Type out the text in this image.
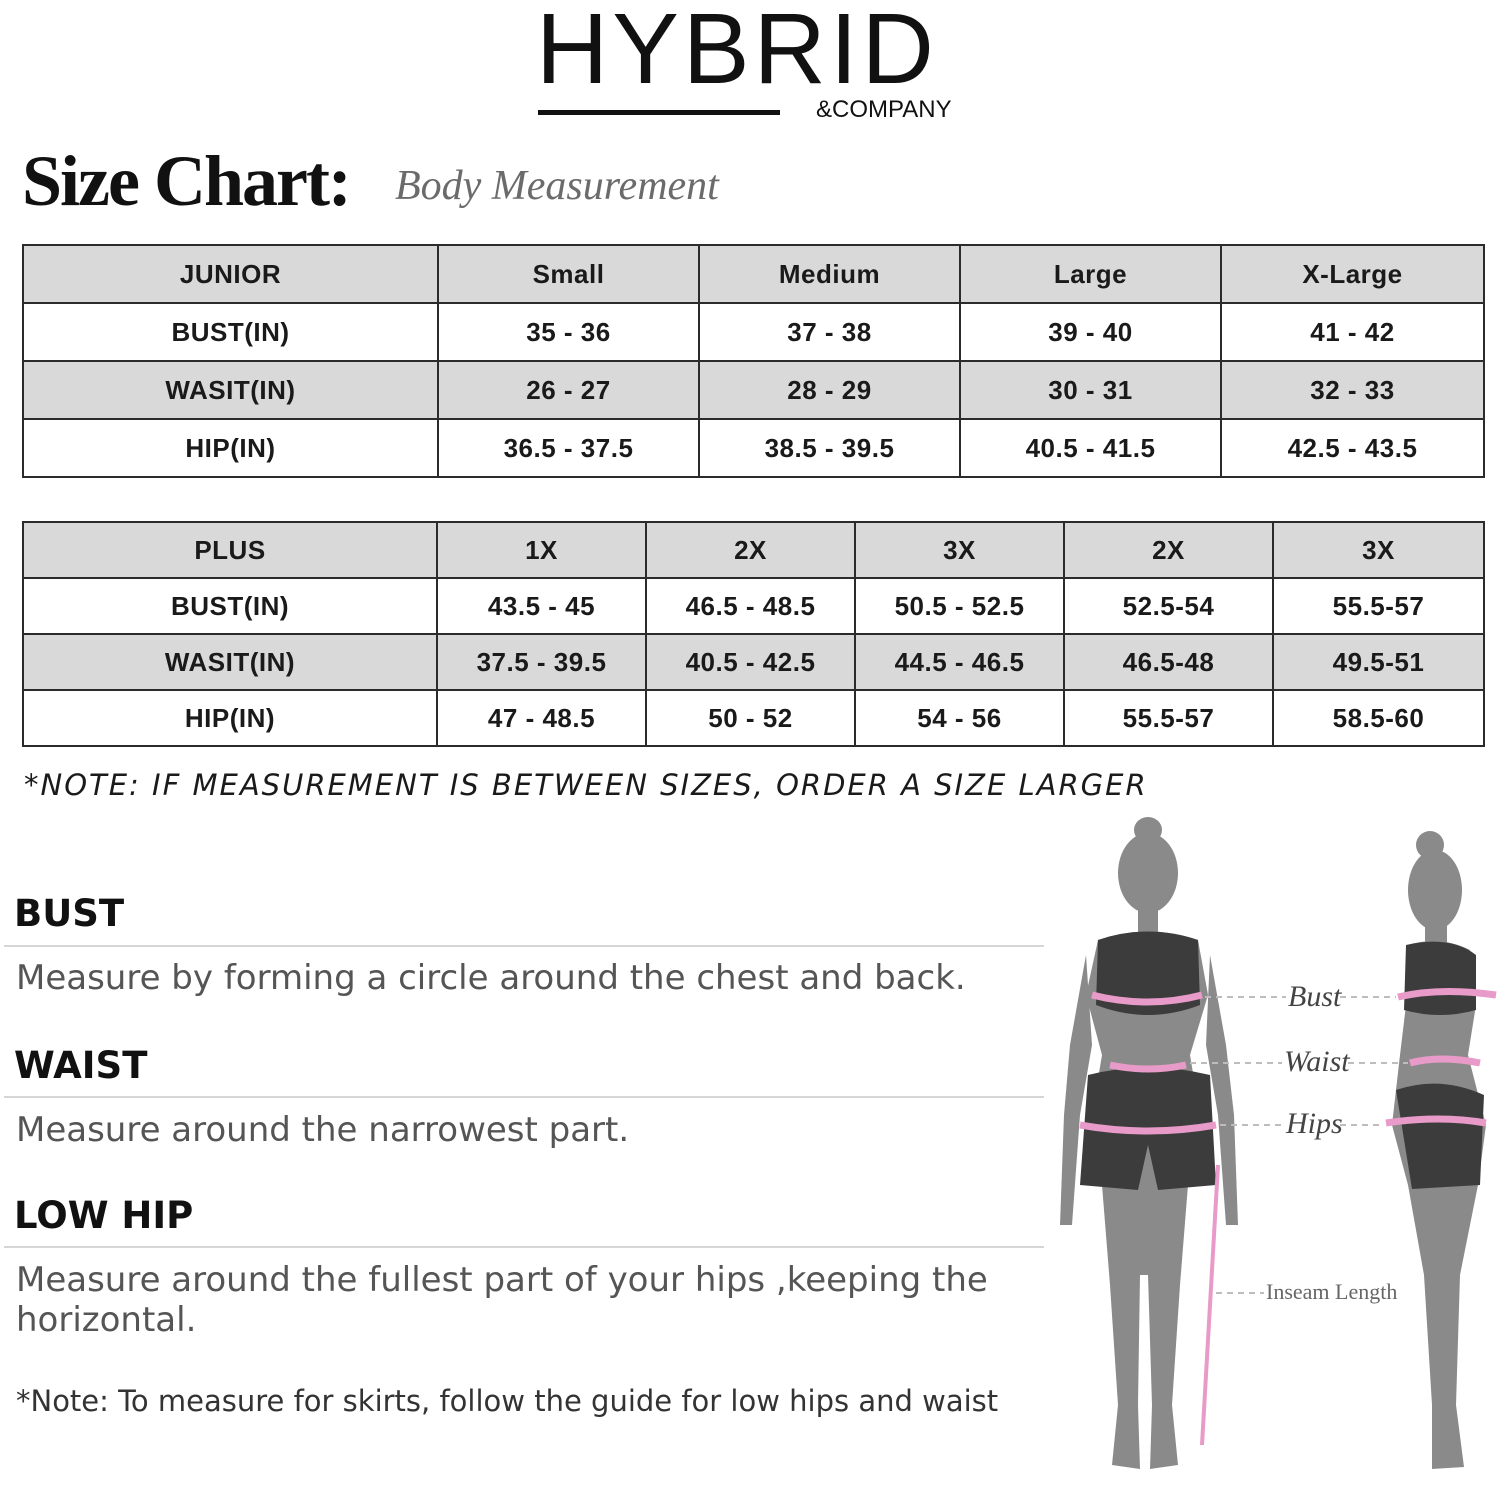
HYBRID
&COMPANY
Size Chart: Body Measurement
JUNIOR	Small	Medium	Large	X-Large
BUST(IN)	35 - 36	37 - 38	39 - 40	41 - 42
WASIT(IN)	26 - 27	28 - 29	30 - 31	32 - 33
HIP(IN)	36.5 - 37.5	38.5 - 39.5	40.5 - 41.5	42.5 - 43.5
PLUS	1X	2X	3X	2X	3X
BUST(IN)	43.5 - 45	46.5 - 48.5	50.5 - 52.5	52.5-54	55.5-57
WASIT(IN)	37.5 - 39.5	40.5 - 42.5	44.5 - 46.5	46.5-48	49.5-51
HIP(IN)	47 - 48.5	50 - 52	54 - 56	55.5-57	58.5-60
*NOTE: IF MEASUREMENT IS BETWEEN SIZES, ORDER A SIZE LARGER
BUST
Measure by forming a circle around the chest and back.
WAIST
Measure around the narrowest part.
LOW HIP
Measure around the fullest part of your hips ,keeping the horizontal.
*Note: To measure for skirts, follow the guide for low hips and waist
Bust
Waist
Hips
Inseam Length
